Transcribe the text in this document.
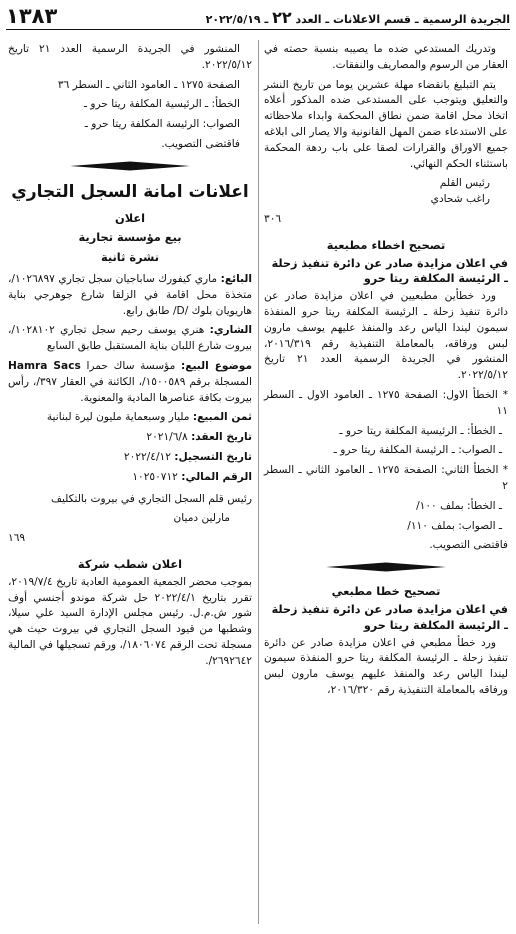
الجريدة الرسمية ـ قسم الاعلانات ـ العدد ٢٢ ـ ٢٠٢٢/٥/١٩
١٣٨٣

وتدريك المستدعي ضده ما يصيبه بنسبة حصته في العقار من الرسوم والمصاريف والنفقات.

يتم التبليغ بانقضاء مهلة عشرين يوما من تاريخ النشر والتعليق ويتوجب على المستدعى ضده المذكور أعلاه اتخاذ محل اقامة ضمن نطاق المحكمة وابداء ملاحظاته على الاستدعاء ضمن المهل القانونية والا يصار الى ابلاغه جميع الاوراق والقرارات لصقا على باب ردهة المحكمة باستثناء الحكم النهائي.

رئيس القلم

راغب شحادي

٣٠٦

تصحيح اخطاء مطبعية

في اعلان مزايدة صادر عن دائرة تنفيذ زحلة ـ الرئيسة المكلفة ريتا حرو

ورد خطأين مطبعيين في اعلان مزايدة صادر عن دائرة تنفيذ زحلة ـ الرئيسة المكلفة ريتا حرو المنفذة سيمون ليندا الياس رعد والمنفذ عليهم يوسف مارون لبس ورفاقه، بالمعاملة التنفيذية رقم ٢٠١٦/٣١٩، المنشور في الجريدة الرسمية العدد ٢١ تاريخ ٢٠٢٢/٥/١٢.

* الخطأ الاول: الصفحة ١٢٧٥ ـ العامود الاول ـ السطر ١١

ـ الخطأ: ـ الرئيسية المكلفة ريتا حرو ـ

ـ الصواب: ـ الرئيسة المكلفة ريتا حرو ـ

* الخطأ الثاني: الصفحة ١٢٧٥ ـ العامود الثاني ـ السطر ٢

ـ الخطأ: بملف ١٠٠/

ـ الصواب: بملف ١١٠/

فاقتضى التصويب.

تصحيح خطا مطبعي

في اعلان مزايدة صادر عن دائرة تنفيذ زحلة ـ الرئيسة المكلفة ريتا حرو

ورد خطأ مطبعي في اعلان مزايدة صادر عن دائرة تنفيذ زحلة ـ الرئيسة المكلفة ريتا حرو المنفذة سيمون ليندا الياس رعد والمنفذ عليهم يوسف مارون لبس ورفاقه بالمعاملة التنفيذية رقم ٢٠١٦/٣٢٠،

المنشور في الجريدة الرسمية العدد ٢١ تاريخ ٢٠٢٢/٥/١٢.

الصفحة ١٢٧٥ ـ العامود الثاني ـ السطر ٣٦

الخطأ: ـ الرئيسية المكلفة ريتا حرو ـ

الصواب: الرئيسة المكلفة ريتا حرو ـ

فاقتضى التصويب.

اعلانات امانة السجل التجاري

اعلان

بيع مؤسسة تجارية

نشرة ثانية

البائع: ماري كيفورك ساباجيان سجل تجاري ١٠٢٦٨٩٧/، متخذة محل اقامة في الزلقا شارع جوهرجي بناية هاريويان بلوك /D/ طابق رابع.

الشاري: هنري يوسف رحيم سجل تجاري ١٠٢٨١٠٢/، بيروت شارع اللبان بناية المستقبل طابق السابع

موضوع البيع: مؤسسة ساك حمرا Hamra Sacs المسجلة برقم ١٥٠٠٥٨٩/، الكائنة في العقار ٣٩٧/، رأس بيروت بكافة عناصرها المادية والمعنوية.

ثمن المبيع: مليار وسبعماية مليون ليرة لبنانية

تاريخ العقد: ٢٠٢١/٦/٨

تاريخ التسجيل: ٢٠٢٢/٤/١٢

الرقم المالي: ١٠٢٥٠٧١٢

رئيس قلم السجل التجاري في بيروت بالتكليف

مارلين دميان

١٦٩

اعلان شطب شركة

بموجب محضر الجمعية العمومية العادية تاريخ ٢٠١٩/٧/٤، تقرر بتاريخ ٢٠٢٢/٤/١ حل شركة موندو أجنسي أوف شور ش.م.ل. رئيس مجلس الإدارة السيد علي سيلا، وشطبها من قيود السجل التجاري في بيروت حيث هي مسجلة تحت الرقم ١٨٠٦٠٧٤/، ورقم تسجيلها في المالية ٢٦٩٢٦٤٢/.
